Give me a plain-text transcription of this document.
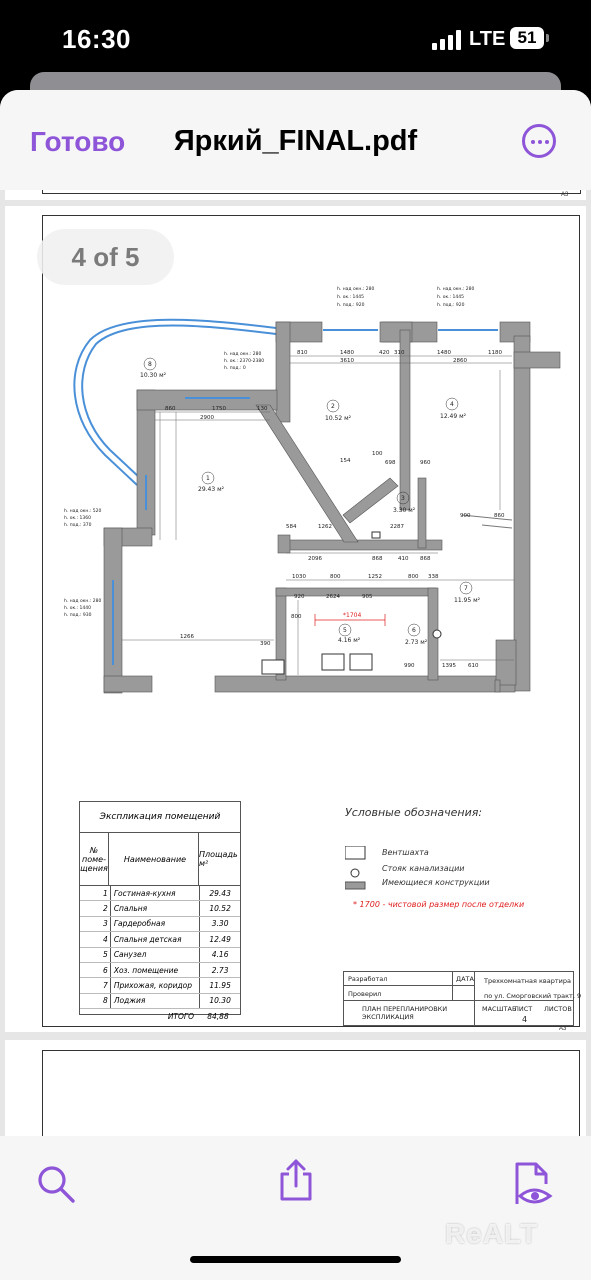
16:30	LTE 51
Готово	Яркий_FINAL.pdf
A3
A3
*1704
1
29.43 м²
2
10.52 м²
3
3.30 м²
4
12.49 м²
5
4.16 м²
6
2.73 м²
7
11.95 м²
8
10.30 м²
810	1480	420 310	1480	1180
3610	2860
860	1750
2900
130
584	1262	2287
2096	868	410 868
1030	800	1252	800 338
920	2624	905
800
1266
390
990	1395 610
900	860
154
100
698	960
h. над окн.: 280
h. ок.: 1445
h. под.: 920
h. над окн.: 280
h. ок.: 1445
h. под.: 920
h. над окн.: 280
h. ок.: 2370-2380
h. под.: 0
h. над окн.: 520
h. ок.: 1360
h. под.: 370
h. над окн.: 280
h. ок.: 1440
h. под.: 930
Экспликация помещений
№ поме- щения
Наименование	Площадь м²
1 Гостиная-кухня	29.43
2 Спальня	10.52
3 Гардеробная	3.30
4 Спальня детская	12.49
5 Санузел	4.16
6 Хоз. помещение	2.73
7 Прихожая, коридор	11.95
8 Лоджия	10.30
ИТОГО	84,88
Условные обозначения:
Вентшахта
Стояк канализации
Имеющиеся конструкции
* 1700 - чистовой размер после отделки
Разработал
Проверил
ДАТА Трехкомнатная квартира
по ул. Сморговский тракт, 9
ПЛАН ПЕРЕПЛАНИРОВКИ ЭКСПЛИКАЦИЯ
МАСШТАБ
ЛИСТ ЛИСТОВ
4
4 of 5
ReALT
